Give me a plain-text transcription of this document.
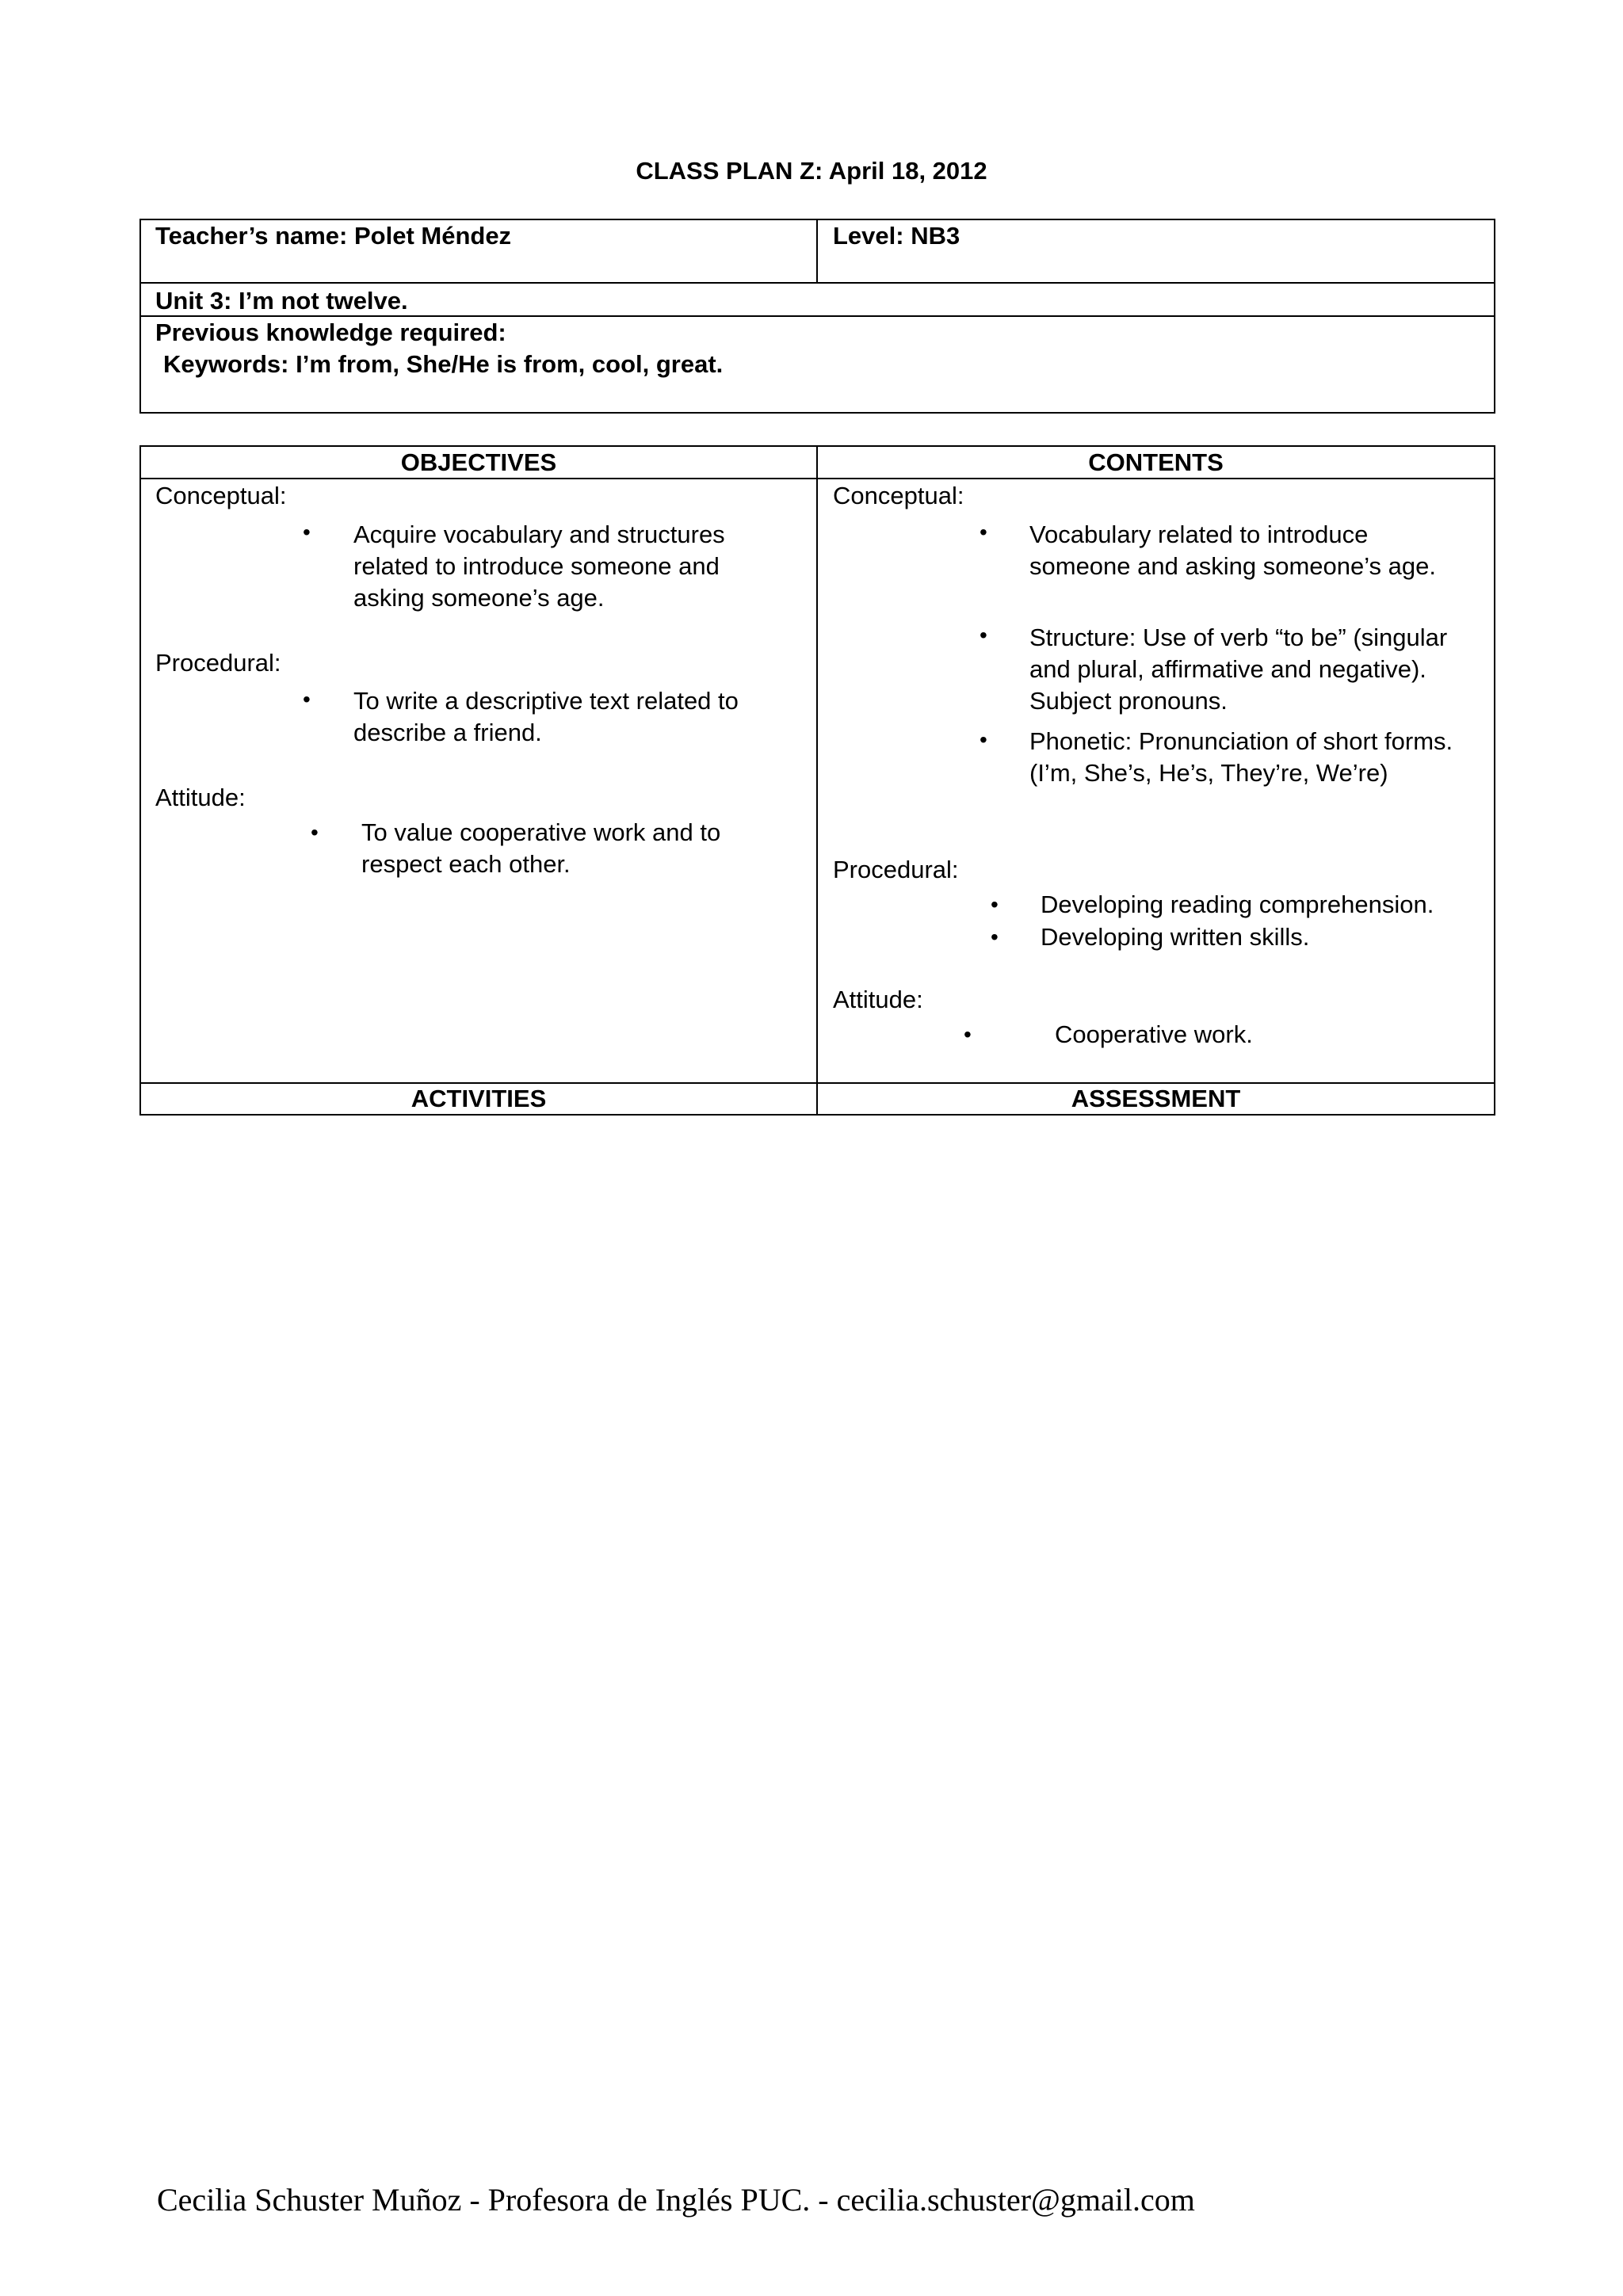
CLASS PLAN Z: April 18, 2012
Teacher’s name: Polet Méndez	Level: NB3
Unit 3: I’m not twelve.
Previous knowledge required:
Keywords: I’m from, She/He is from, cool, great.
OBJECTIVES	CONTENTS
Conceptual:
• Acquire vocabulary and structures related to introduce someone and asking someone’s age.
Procedural:
• To write a descriptive text related to describe a friend.
Attitude:
• To value cooperative work and to respect each other.
Conceptual:
• Vocabulary related to introduce someone and asking someone’s age.
• Structure: Use of verb “to be” (singular and plural, affirmative and negative). Subject pronouns.
• Phonetic: Pronunciation of short forms. (I’m, She’s, He’s, They’re, We’re)
Procedural:
• Developing reading comprehension.
• Developing written skills.
Attitude:
•	Cooperative work.
ACTIVITIES	ASSESSMENT
Cecilia Schuster Muñoz - Profesora de Inglés PUC. - cecilia.schuster@gmail.com
